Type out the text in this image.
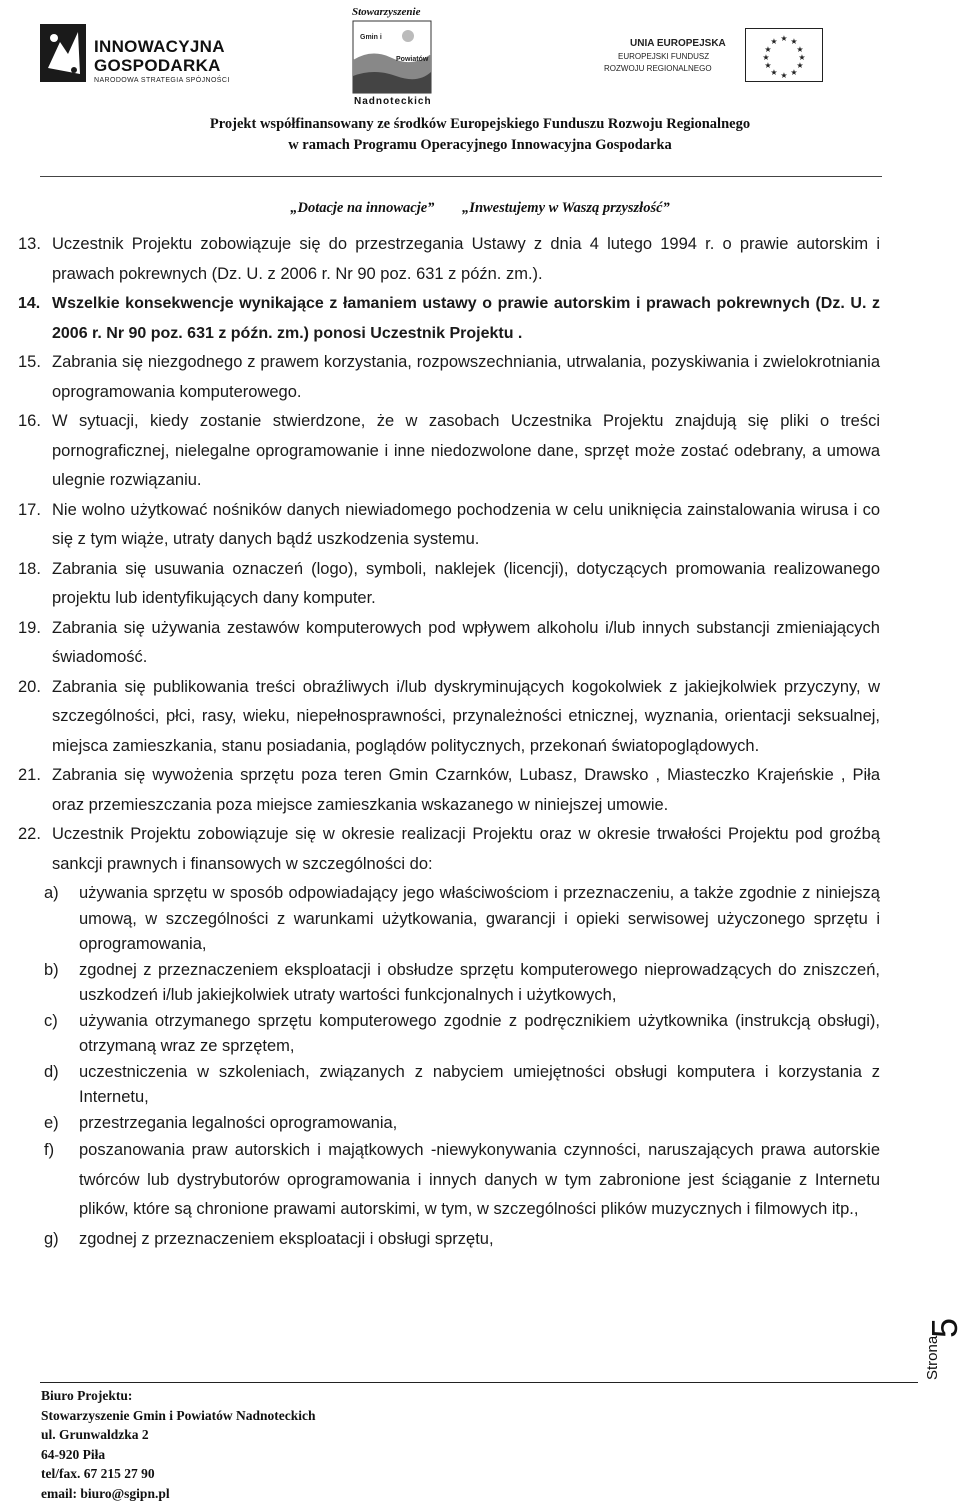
INNOWACYJNA
GOSPODARKA
NARODOWA STRATEGIA SPÓJNOŚCI
Stowarzyszenie
Gmin i
Powiatów
Nadnoteckich
UNIA EUROPEJSKA
EUROPEJSKI FUNDUSZ
ROZWOJU REGIONALNEGO
★ ★
★
★
★
★
★
★
★
★
★
★
Projekt współfinansowany ze środków Europejskiego Funduszu Rozwoju Regionalnego
w ramach Programu Operacyjnego Innowacyjna Gospodarka
„Dotacje na innowacje” „Inwestujemy w Waszą przyszłość”
13. Uczestnik Projektu zobowiązuje się do przestrzegania Ustawy z dnia 4 lutego 1994 r. o prawie autorskim i prawach pokrewnych (Dz. U. z 2006 r. Nr 90 poz. 631 z późn. zm.).
14. Wszelkie konsekwencje wynikające z łamaniem ustawy o prawie autorskim i prawach pokrewnych (Dz. U. z 2006 r. Nr 90 poz. 631 z późn. zm.) ponosi Uczestnik Projektu .
15. Zabrania się niezgodnego z prawem korzystania, rozpowszechniania, utrwalania, pozyskiwania i zwielokrotniania oprogramowania komputerowego.
16. W sytuacji, kiedy zostanie stwierdzone, że w zasobach Uczestnika Projektu znajdują się pliki o treści pornograficznej, nielegalne oprogramowanie i inne niedozwolone dane, sprzęt może zostać odebrany, a umowa ulegnie rozwiązaniu.
17. Nie wolno użytkować nośników danych niewiadomego pochodzenia w celu uniknięcia zainstalowania wirusa i co się z tym wiąże, utraty danych bądź uszkodzenia systemu.
18. Zabrania się usuwania oznaczeń (logo), symboli, naklejek (licencji), dotyczących promowania realizowanego projektu lub identyfikujących dany komputer.
19. Zabrania się używania zestawów komputerowych pod wpływem alkoholu i/lub innych substancji zmieniających świadomość.
20. Zabrania się publikowania treści obraźliwych i/lub dyskryminujących kogokolwiek z jakiejkolwiek przyczyny, w szczególności, płci, rasy, wieku, niepełnosprawności, przynależności etnicznej, wyznania, orientacji seksualnej, miejsca zamieszkania, stanu posiadania, poglądów politycznych, przekonań światopoglądowych.
21. Zabrania się wywożenia sprzętu poza teren Gmin Czarnków, Lubasz, Drawsko , Miasteczko Krajeńskie , Piła oraz przemieszczania poza miejsce zamieszkania wskazanego w niniejszej umowie.
22. Uczestnik Projektu zobowiązuje się w okresie realizacji Projektu oraz w okresie trwałości Projektu pod groźbą sankcji prawnych i finansowych w szczególności do:
a) używania sprzętu w sposób odpowiadający jego właściwościom i przeznaczeniu, a także zgodnie z niniejszą umową, w szczególności z warunkami użytkowania, gwarancji i opieki serwisowej użyczonego sprzętu i oprogramowania,
b) zgodnej z przeznaczeniem eksploatacji i obsłudze sprzętu komputerowego nieprowadzących do zniszczeń, uszkodzeń i/lub jakiejkolwiek utraty wartości funkcjonalnych i użytkowych,
c) używania otrzymanego sprzętu komputerowego zgodnie z podręcznikiem użytkownika (instrukcją obsługi), otrzymaną wraz ze sprzętem,
d) uczestniczenia w szkoleniach, związanych z nabyciem umiejętności obsługi komputera i korzystania z Internetu,
e) przestrzegania legalności oprogramowania,
f) poszanowania praw autorskich i majątkowych -niewykonywania czynności, naruszających prawa autorskie twórców lub dystrybutorów oprogramowania i innych danych w tym zabronione jest ściąganie z Internetu plików, które są chronione prawami autorskimi, w tym, w szczególności plików muzycznych i filmowych itp.,
g) zgodnej z przeznaczeniem eksploatacji i obsługi sprzętu,
Strona
5
Biuro Projektu:
Stowarzyszenie Gmin i Powiatów Nadnoteckich
ul. Grunwaldzka 2
64-920 Piła
tel/fax. 67 215 27 90
email: biuro@sgipn.pl
